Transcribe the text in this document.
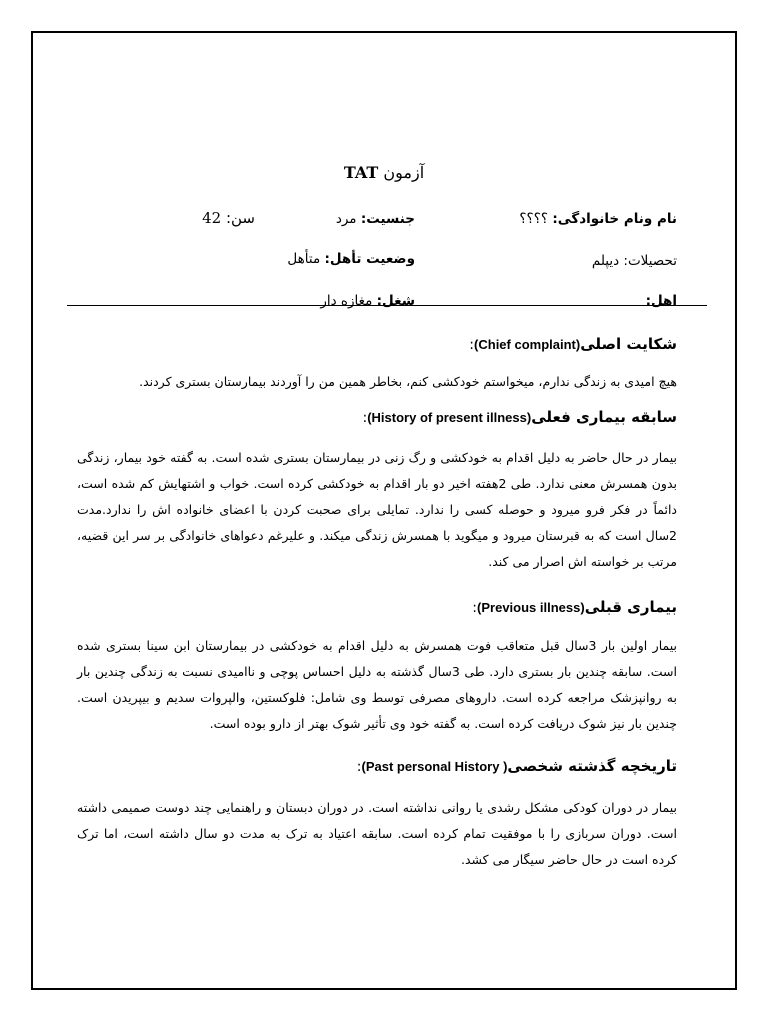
آزمون TAT
نام ونام خانوادگی: ؟؟؟؟
جنسیت: مرد
سن: 42
تحصیلات: دیپلم
وضعیت تأهل: متأهل
اهل:
شغل: مغازه دار
شکایت اصلی(Chief complaint):
هیچ امیدی به زندگی ندارم، میخواستم خودکشی کنم، بخاطر همین من را آوردند بیمارستان بستری کردند.
سابقه بیماری فعلی(History of present illness):
بیمار در حال حاضر به دلیل اقدام به خودکشی و رگ زنی در بیمارستان بستری شده است. به گفته خود بیمار، زندگی بدون همسرش معنی ندارد. طی 2هفته اخیر دو بار اقدام به خودکشی کرده است. خواب و اشتهایش کم شده است، دائماً در فکر فرو میرود و حوصله کسی را ندارد. تمایلی برای صحبت کردن با اعضای خانواده اش را ندارد.مدت 2سال است که به قبرستان میرود و میگوید با همسرش زندگی میکند. و علیرغم دعواهای خانوادگی بر سر این قضیه، مرتب بر خواسته اش اصرار می کند.
بیماری قبلی(Previous illness):
بیمار اولین بار 3سال قبل متعاقب فوت همسرش به دلیل اقدام به خودکشی در بیمارستان ابن سینا بستری شده است. سابقه چندین بار بستری دارد. طی 3سال گذشته به دلیل احساس پوچی و ناامیدی نسبت به زندگی چندین بار به روانپزشک مراجعه کرده است. داروهای مصرفی توسط وی شامل: فلوکستین، والپروات سدیم و بیپریدن است. چندین بار نیز شوک دریافت کرده است. به گفته خود وی تأثیر شوک بهتر از دارو بوده است.
تاریخچه گذشته شخصی( Past personal History):
بیمار در دوران کودکی مشکل رشدی یا روانی نداشته است. در دوران دبستان و راهنمایی چند دوست صمیمی داشته است. دوران سربازی را با موفقیت تمام کرده است. سابقه اعتیاد به ترک به مدت دو سال داشته است، اما ترک کرده است در حال حاضر سیگار می کشد.
